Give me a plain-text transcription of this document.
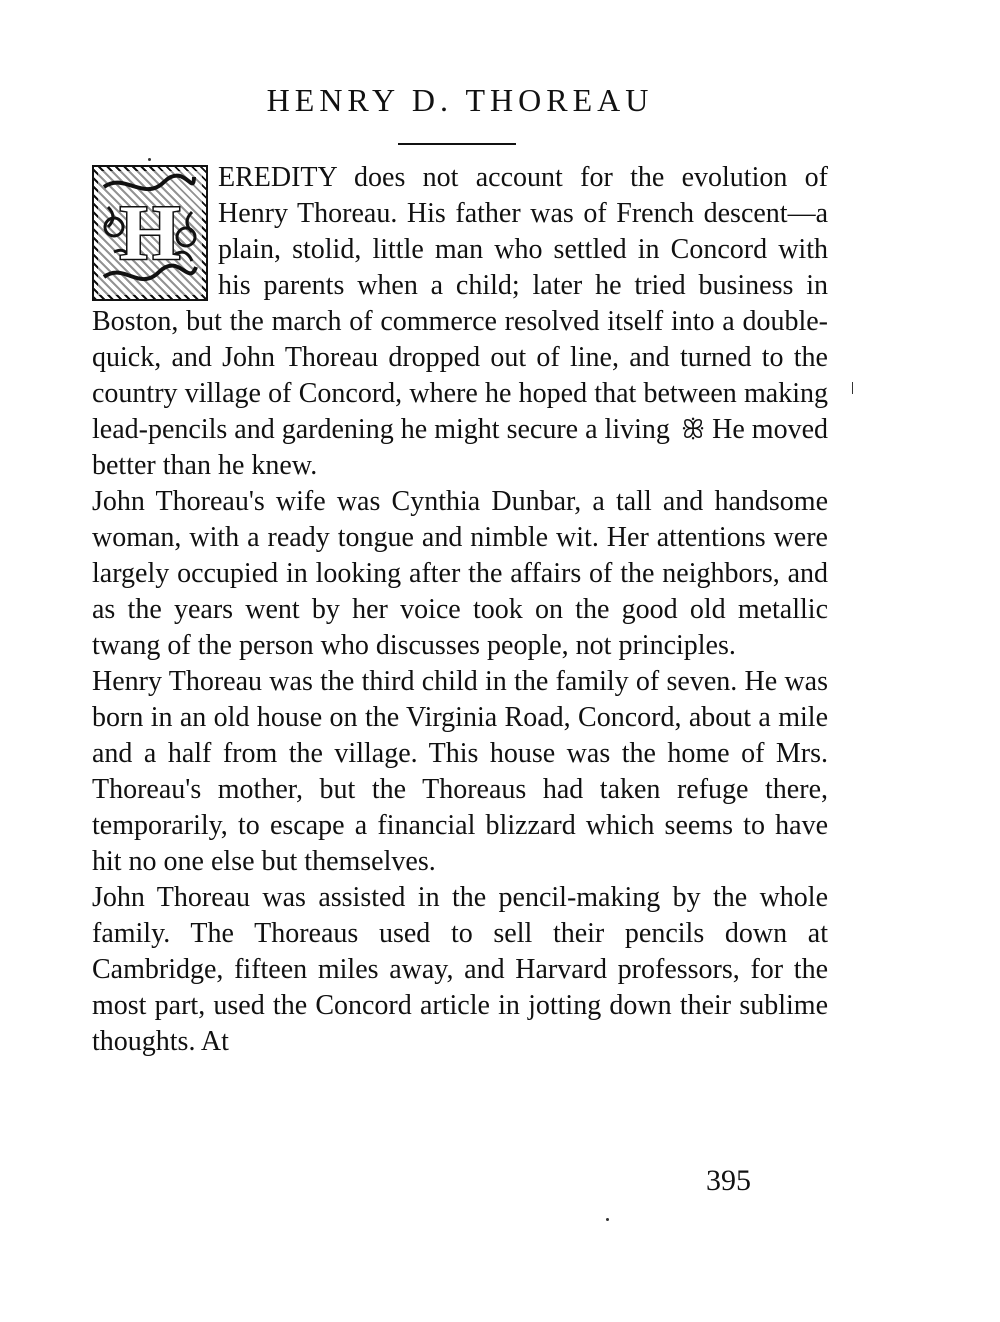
HENRY D. THOREAU

H
EREDITY does not account for the evolution of Henry Thoreau. His father was of French descent—a plain, stolid, little man who settled in Concord with his parents when a child; later he tried business in Boston, but the march of commerce resolved itself into a double-quick, and John Thoreau dropped out of line, and turned to the country village of Concord, where he hoped that between making lead-pencils and gardening he might secure a living ꕥ He moved better than he knew.

John Thoreau's wife was Cynthia Dunbar, a tall and handsome woman, with a ready tongue and nimble wit. Her attentions were largely occupied in looking after the affairs of the neighbors, and as the years went by her voice took on the good old metallic twang of the person who discusses people, not principles.

Henry Thoreau was the third child in the family of seven. He was born in an old house on the Virginia Road, Concord, about a mile and a half from the village. This house was the home of Mrs. Thoreau's mother, but the Thoreaus had taken refuge there, temporarily, to escape a financial blizzard which seems to have hit no one else but themselves.

John Thoreau was assisted in the pencil-making by the whole family. The Thoreaus used to sell their pencils down at Cambridge, fifteen miles away, and Harvard professors, for the most part, used the Concord article in jotting down their sublime thoughts. At

395
